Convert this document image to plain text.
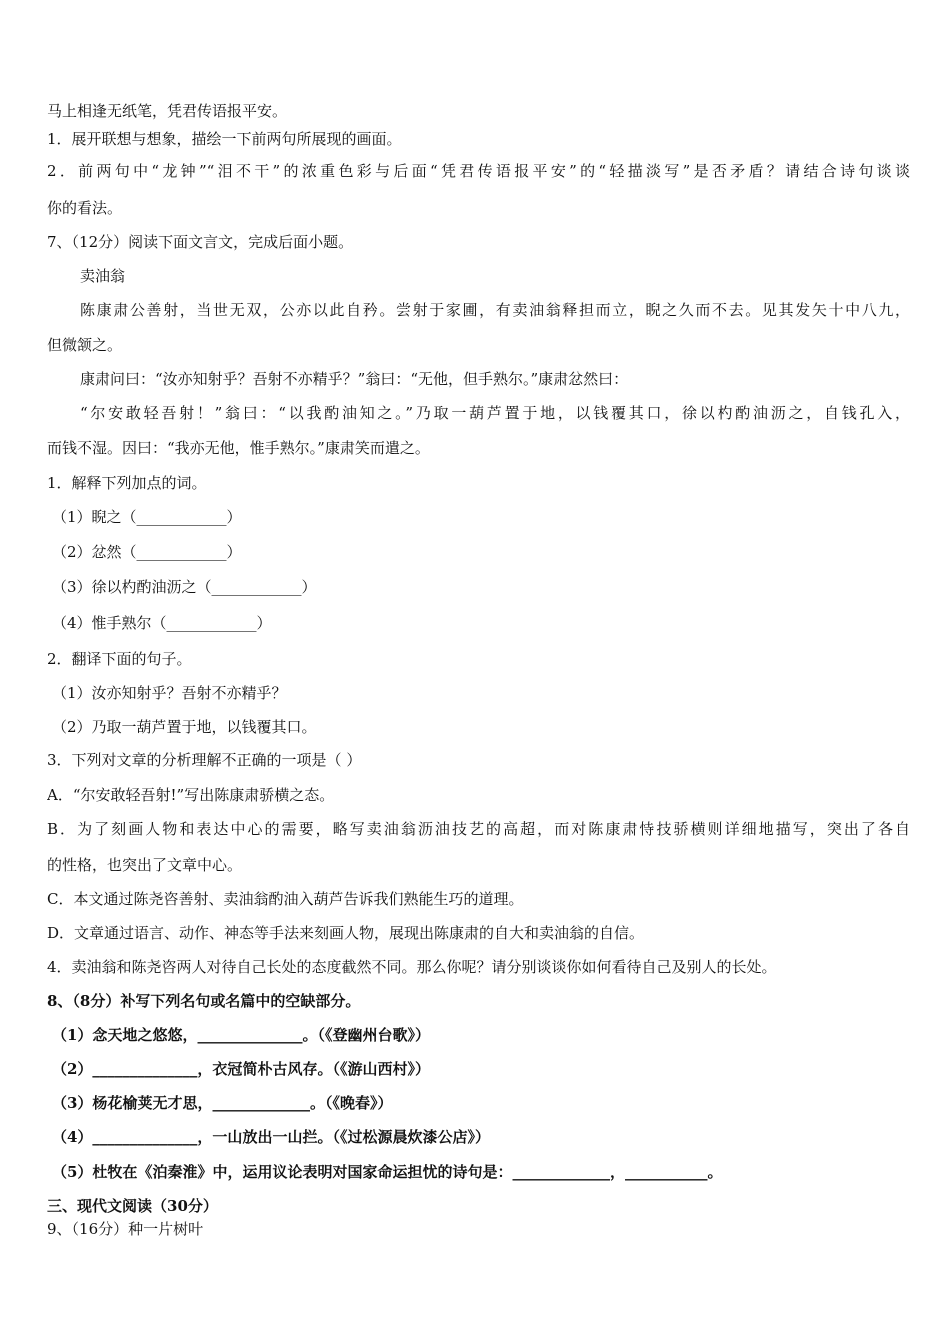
马上相逢无纸笔，凭君传语报平安。
1．展开联想与想象，描绘一下前两句所展现的画面。
2．前两句中“龙钟”“泪不干”的浓重色彩与后面“凭君传语报平安”的“轻描淡写”是否矛盾？请结合诗句谈谈
你的看法。
7、（12分）阅读下面文言文，完成后面小题。
卖油翁
陈康肃公善射，当世无双，公亦以此自矜。尝射于家圃，有卖油翁释担而立，睨之久而不去。见其发矢十中八九，
但微颔之。
康肃问曰：“汝亦知射乎？吾射不亦精乎？”翁曰：“无他，但手熟尔。”康肃忿然曰：
“尔安敢轻吾射！”翁曰：“以我酌油知之。”乃取一葫芦置于地，以钱覆其口，徐以杓酌油沥之，自钱孔入，
而钱不湿。因曰：“我亦无他，惟手熟尔。”康肃笑而遣之。
1．解释下列加点的词。
（1）睨之（____________）
（2）忿然（____________）
（3）徐以杓酌油沥之（____________）
（4）惟手熟尔（____________）
2．翻译下面的句子。
（1）汝亦知射乎？吾射不亦精乎？
（2）乃取一葫芦置于地，以钱覆其口。
3．下列对文章的分析理解不正确的一项是（ ）
A．“尔安敢轻吾射!”写出陈康肃骄横之态。
B．为了刻画人物和表达中心的需要，略写卖油翁沥油技艺的高超，而对陈康肃恃技骄横则详细地描写，突出了各自
的性格，也突出了文章中心。
C．本文通过陈尧咨善射、卖油翁酌油入葫芦告诉我们熟能生巧的道理。
D．文章通过语言、动作、神态等手法来刻画人物，展现出陈康肃的自大和卖油翁的自信。
4．卖油翁和陈尧咨两人对待自己长处的态度截然不同。那么你呢？请分别谈谈你如何看待自己及别人的长处。
8、（8分）补写下列名句或名篇中的空缺部分。
（1）念天地之悠悠，______________。（《登幽州台歌》）
（2）______________，衣冠简朴古风存。（《游山西村》）
（3）杨花榆荚无才思，_____________。（《晚春》）
（4）______________，一山放出一山拦。（《过松源晨炊漆公店》）
（5）杜牧在《泊秦淮》中，运用议论表明对国家命运担忧的诗句是：_____________，___________。
三、现代文阅读（30分）
9、（16分）种一片树叶
